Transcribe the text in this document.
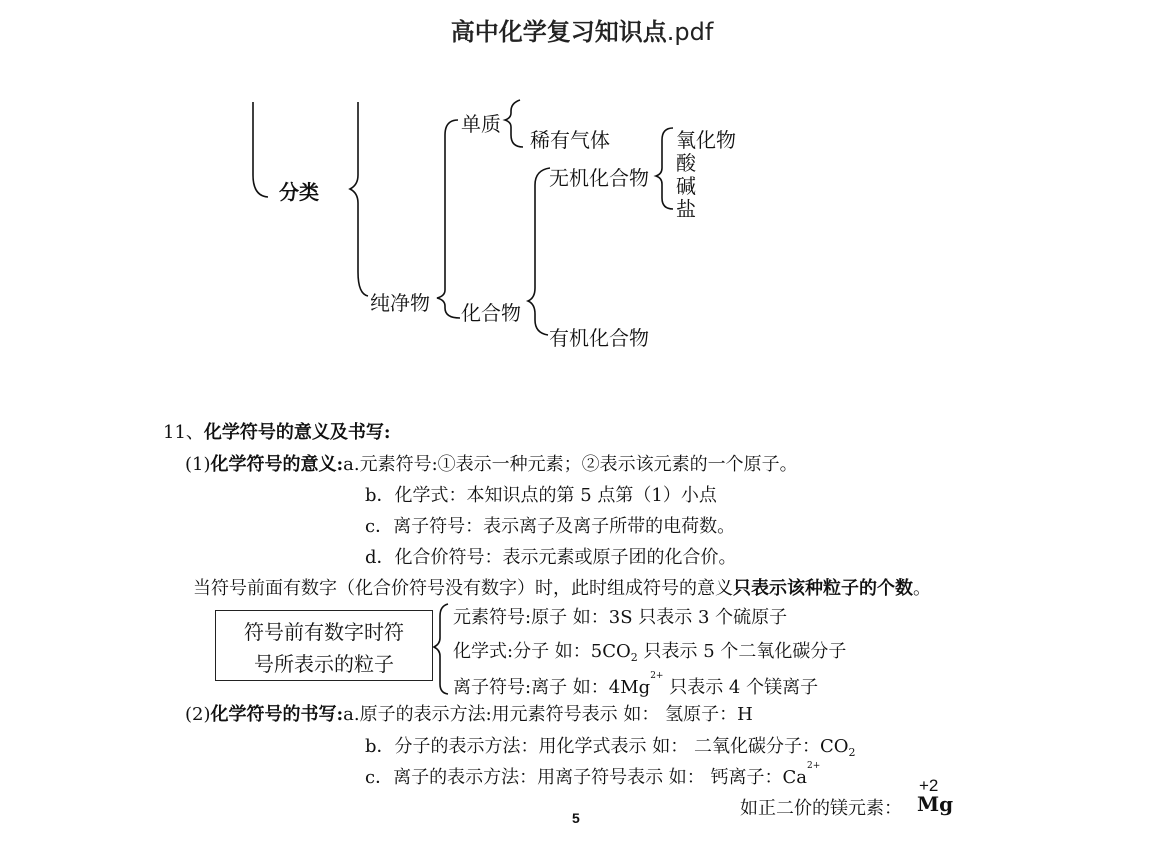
高中化学复习知识点.pdf
分类
纯净物
单质
稀有气体
化合物
无机化合物
氧化物
酸
碱
盐
有机化合物
11、化学符号的意义及书写:
(1)化学符号的意义:a.元素符号:①表示一种元素；②表示该元素的一个原子。
b．化学式：本知识点的第 5 点第（1）小点
c．离子符号：表示离子及离子所带的电荷数。
d．化合价符号：表示元素或原子团的化合价。
当符号前面有数字（化合价符号没有数字）时，此时组成符号的意义只表示该种粒子的个数。
符号前有数字时符
号所表示的粒子
元素符号:原子 如：3S 只表示 3 个硫原子
化学式:分子 如：$5CO_2$ 只表示 5 个二氧化碳分子
离子符号:离子 如：$4Mg^{2+}$ 只表示 4 个镁离子
(2)化学符号的书写:a.原子的表示方法:用元素符号表示 如： 氢原子：H
b．分子的表示方法：用化学式表示 如： 二氧化碳分子：$CO_2$
c．离子的表示方法：用离子符号表示 如： 钙离子：$Ca^{2+}$
如正二价的镁元素：
+2
Mg
5
